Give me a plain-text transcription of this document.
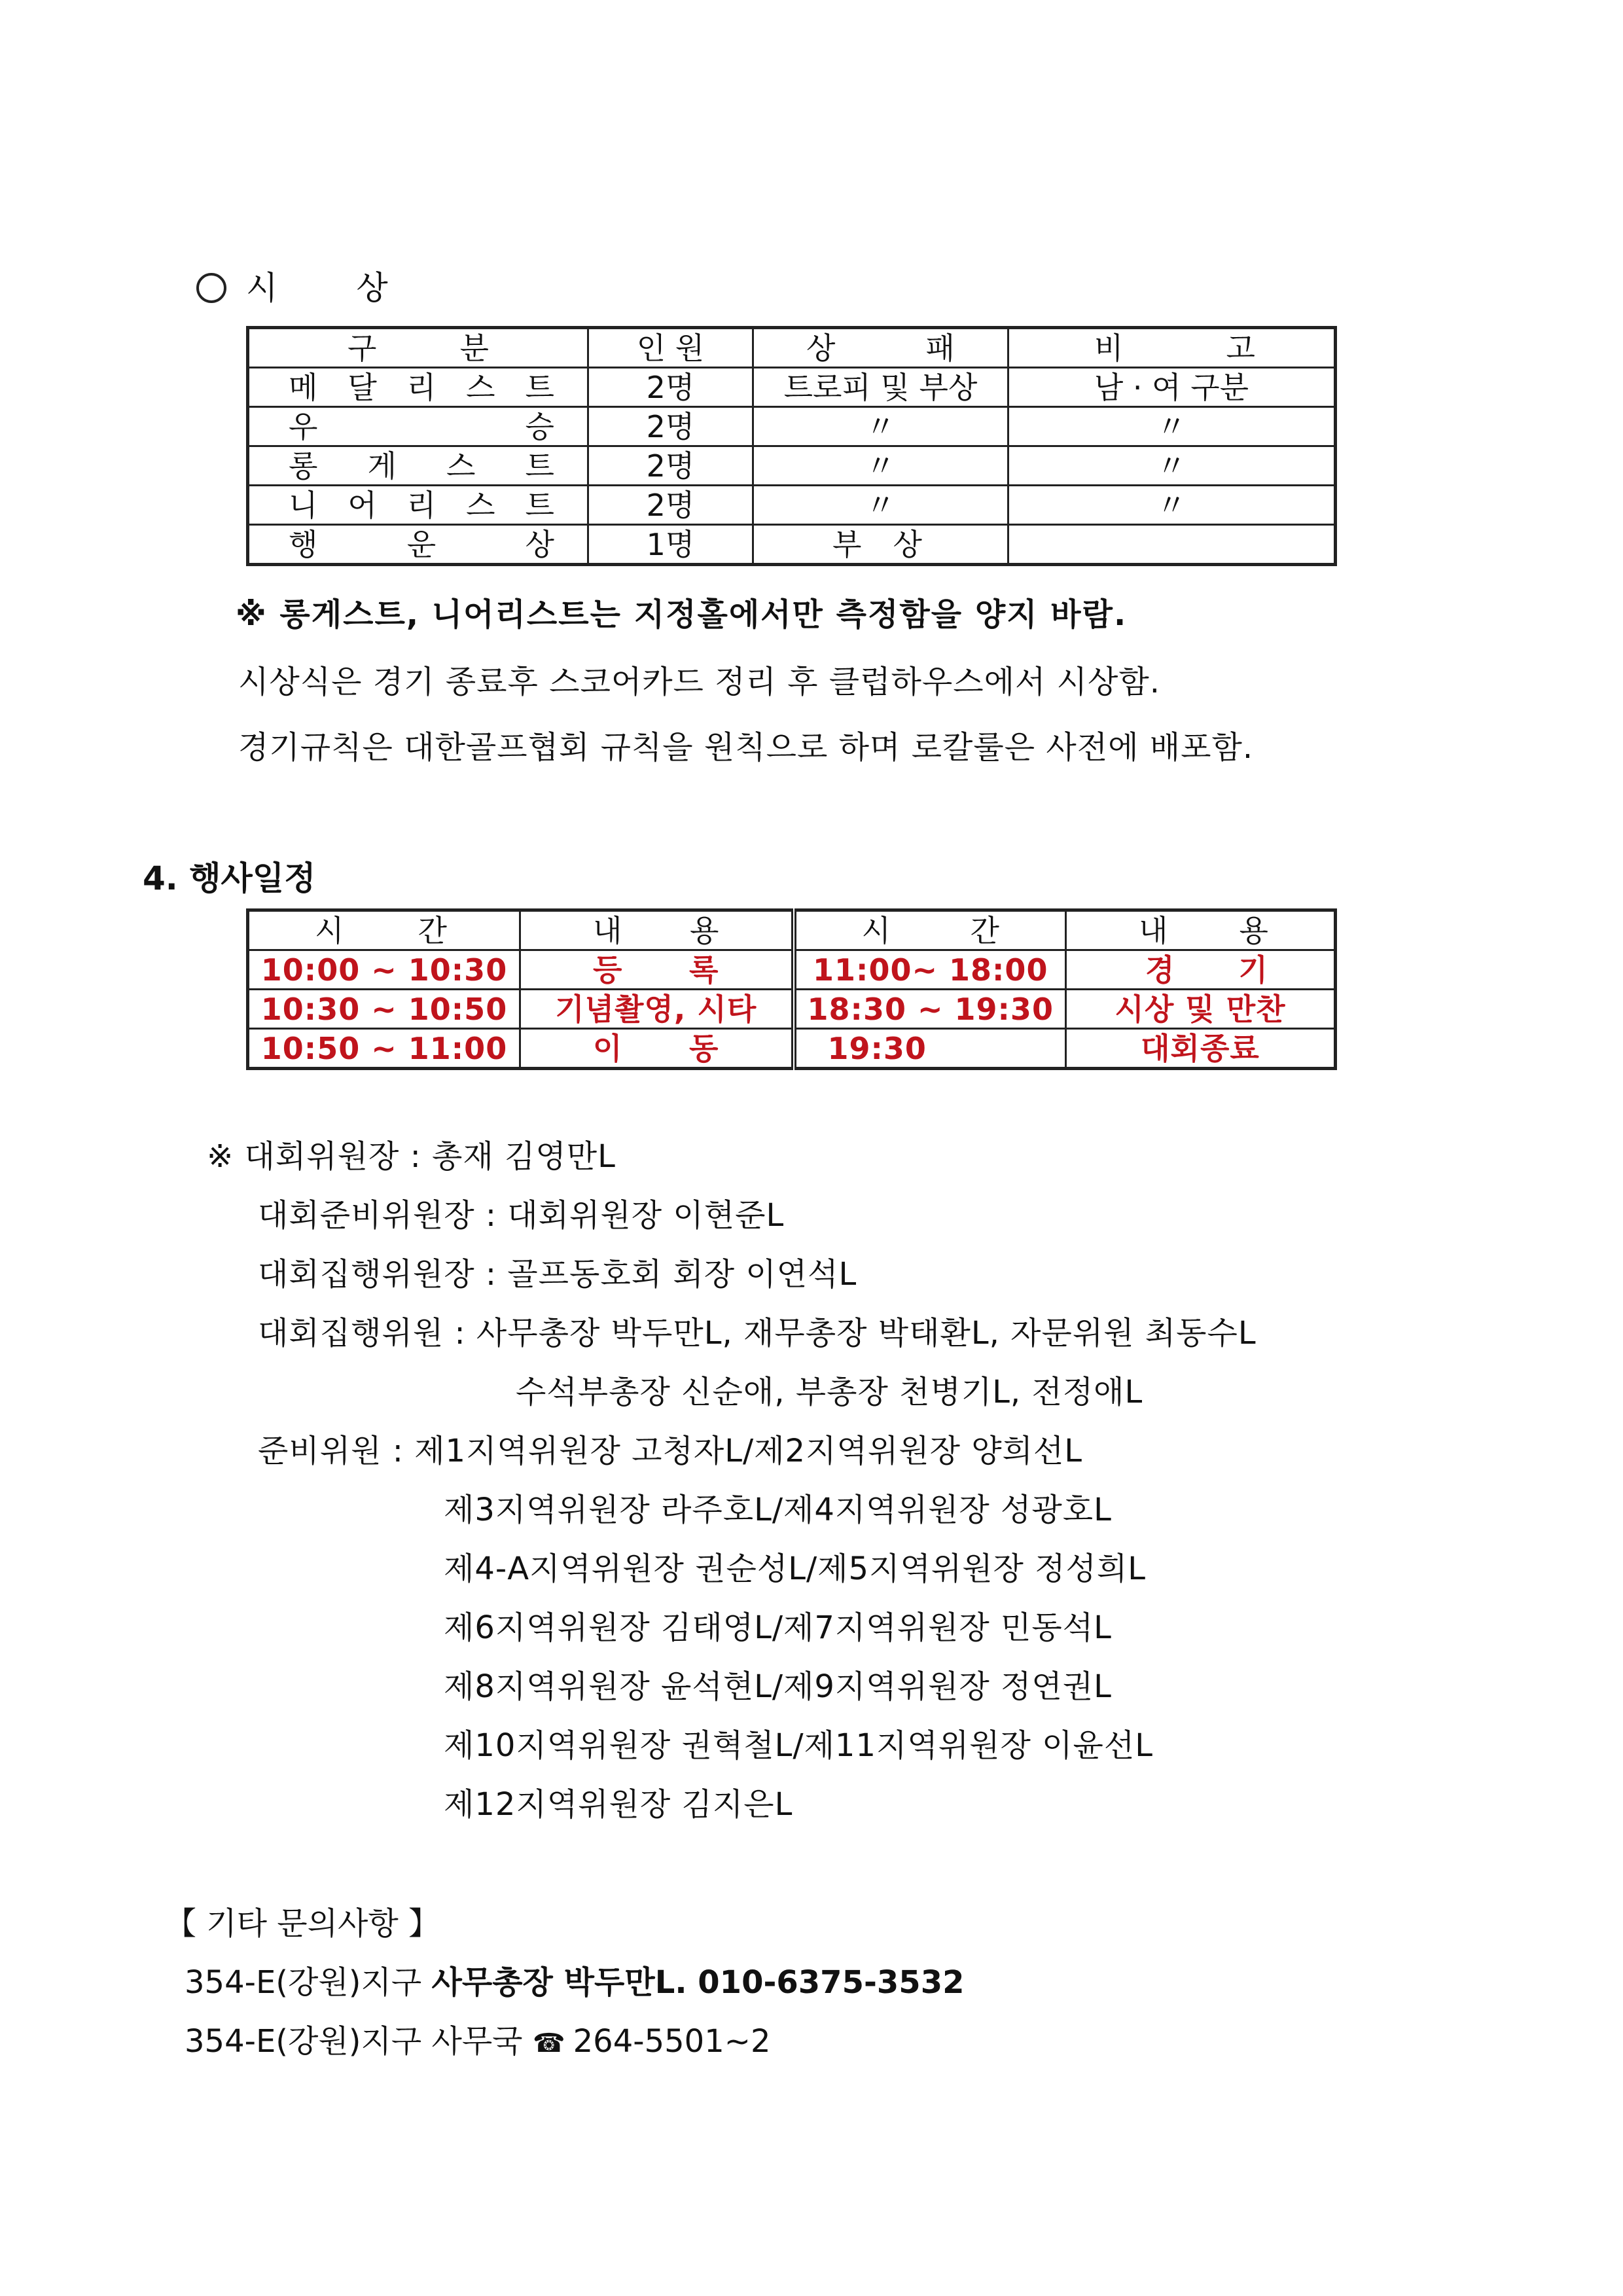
시 상
구 분	인 원	상 패	비 고
메 달 리 스 트	2명	트로피 및 부상	남 · 여 구분
우 승	2명	〃	〃
롱 게 스 트	2명	〃	〃
니 어 리 스 트	2명	〃	〃
행 운 상	1명	부 상	
※ 롱게스트, 니어리스트는 지정홀에서만 측정함을 양지 바람.
시상식은 경기 종료후 스코어카드 정리 후 클럽하우스에서 시상함.
경기규칙은 대한골프협회 규칙을 원칙으로 하며 로칼룰은 사전에 배포함.
4. 행사일정
시 간	내 용	시 간	내 용
10:00 ~ 10:30	등 록	11:00~ 18:00	경 기
10:30 ~ 10:50	기념촬영, 시타	18:30 ~ 19:30	시상 및 만찬
10:50 ~ 11:00	이 동	19:30	대회종료
※ 대회위원장 : 총재 김영만L
대회준비위원장 : 대회위원장 이현준L
대회집행위원장 : 골프동호회 회장 이연석L
대회집행위원 : 사무총장 박두만L, 재무총장 박태환L, 자문위원 최동수L
수석부총장 신순애, 부총장 천병기L, 전정애L
준비위원 : 제1지역위원장 고청자L/제2지역위원장 양희선L
제3지역위원장 라주호L/제4지역위원장 성광호L
제4-A지역위원장 권순성L/제5지역위원장 정성희L
제6지역위원장 김태영L/제7지역위원장 민동석L
제8지역위원장 윤석현L/제9지역위원장 정연권L
제10지역위원장 권혁철L/제11지역위원장 이윤선L
제12지역위원장 김지은L
【 기타 문의사항 】
354-E(강원)지구 사무총장 박두만L. 010-6375-3532
354-E(강원)지구 사무국 ☎ 264-5501~2
